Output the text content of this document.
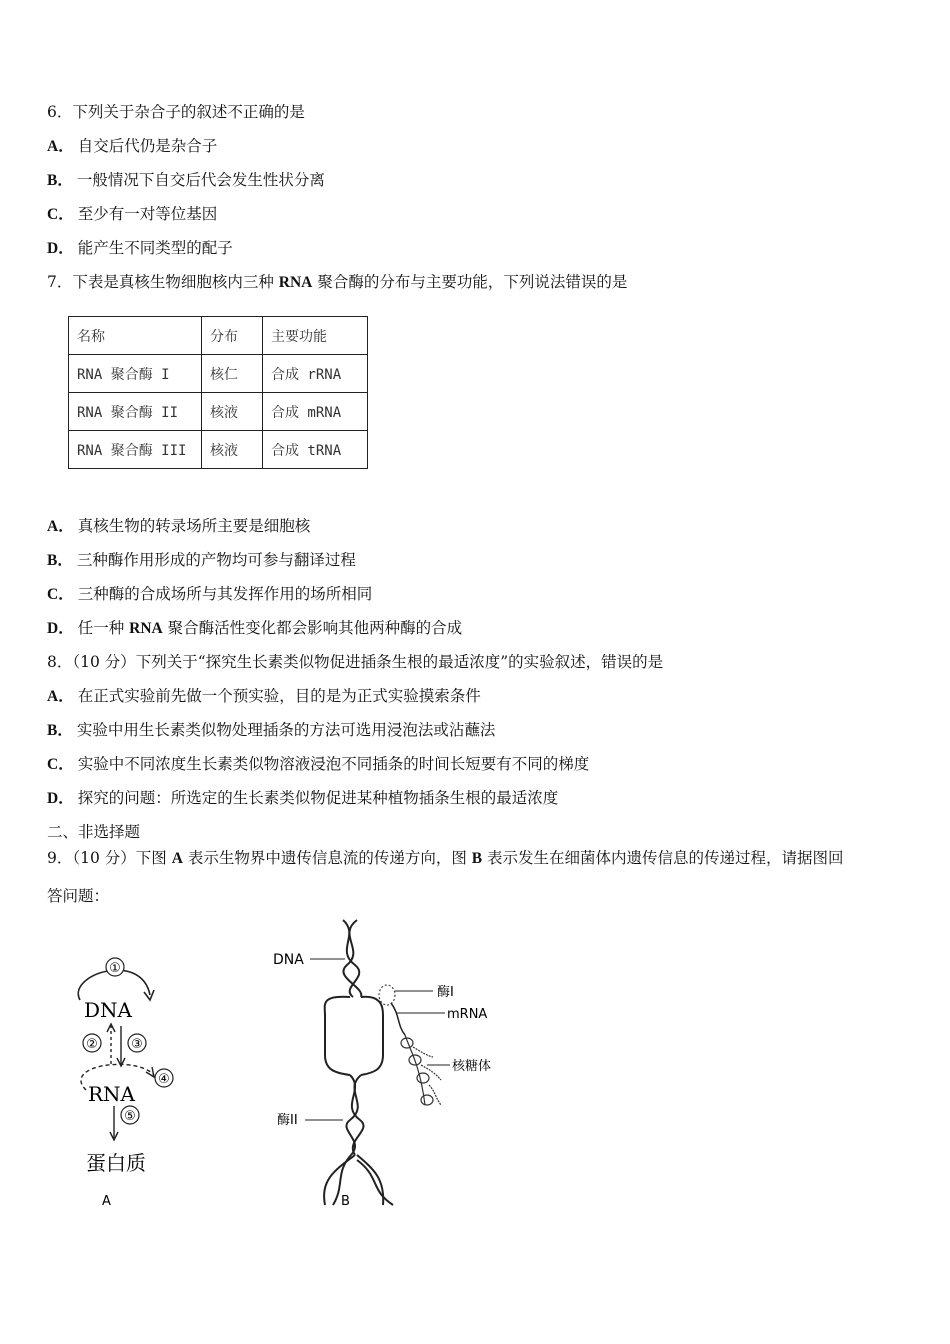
6．下列关于杂合子的叙述不正确的是
A． 自交后代仍是杂合子
B． 一般情况下自交后代会发生性状分离
C． 至少有一对等位基因
D． 能产生不同类型的配子
7．下表是真核生物细胞核内三种 RNA 聚合酶的分布与主要功能，下列说法错误的是
名称	分布	主要功能
RNA 聚合酶 I	核仁	合成 rRNA
RNA 聚合酶 II	核液	合成 mRNA
RNA 聚合酶 III	核液	合成 tRNA
A． 真核生物的转录场所主要是细胞核
B． 三种酶作用形成的产物均可参与翻译过程
C． 三种酶的合成场所与其发挥作用的场所相同
D． 任一种 RNA 聚合酶活性变化都会影响其他两种酶的合成
8．（10 分）下列关于“探究生长素类似物促进插条生根的最适浓度”的实验叙述，错误的是
A． 在正式实验前先做一个预实验，目的是为正式实验摸索条件
B． 实验中用生长素类似物处理插条的方法可选用浸泡法或沾蘸法
C． 实验中不同浓度生长素类似物溶液浸泡不同插条的时间长短要有不同的梯度
D． 探究的问题：所选定的生长素类似物促进某种植物插条生根的最适浓度
二、非选择题
9．（10 分）下图 A 表示生物界中遗传信息流的传递方向，图 B 表示发生在细菌体内遗传信息的传递过程，请据图回
答问题：
①
DNA
②	③
④
RNA
⑤
蛋白质
A
DNA
酶I
mRNA
核糖体
酶II
B
